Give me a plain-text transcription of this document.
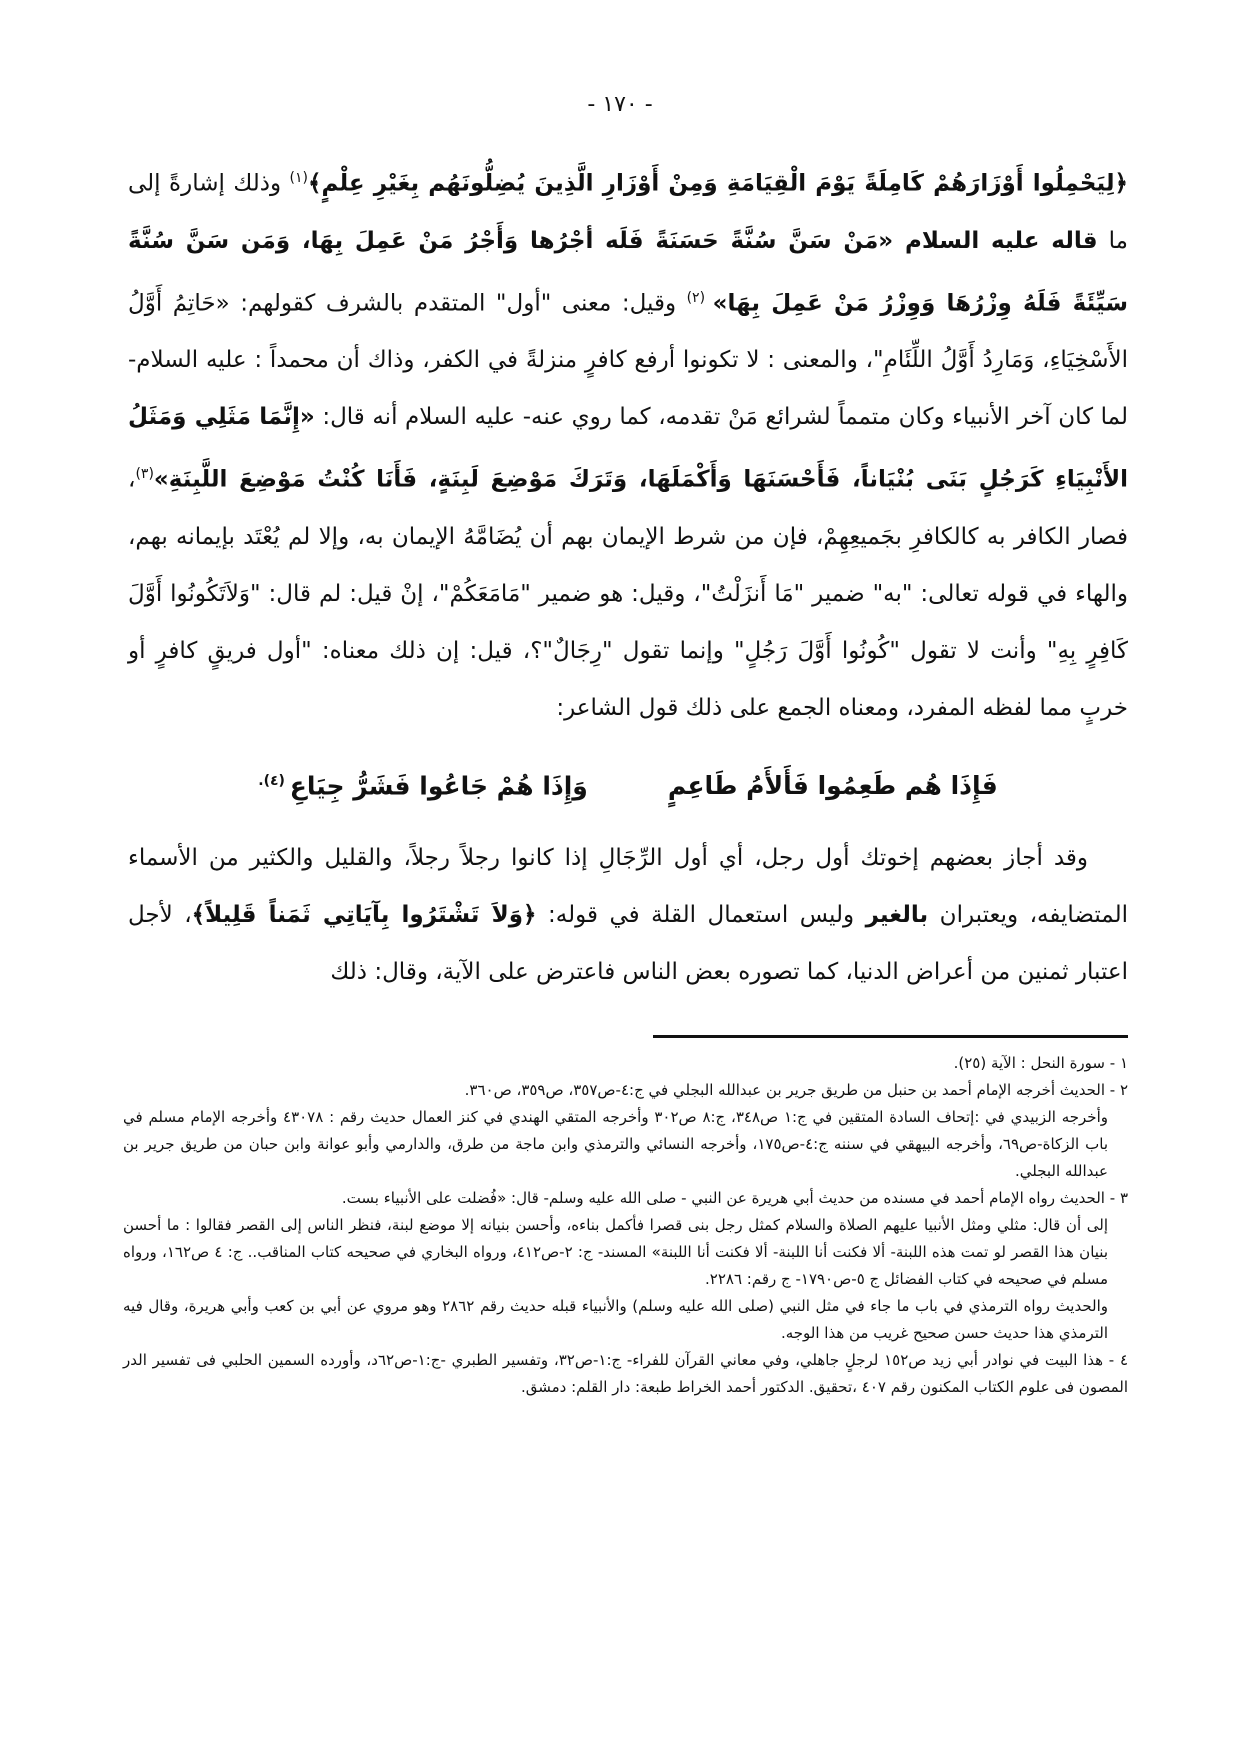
- ١٧٠ -

﴿لِيَحْمِلُوا أَوْزَارَهُمْ كَامِلَةً يَوْمَ الْقِيَامَةِ وَمِنْ أَوْزَارِ الَّذِينَ يُضِلُّونَهُم بِغَيْرِ عِلْمٍ﴾$^{(١)}$ وذلك إشارةً إلى ما قاله عليه السلام «مَنْ سَنَّ سُنَّةً حَسَنَةً فَلَه أجْرُها وَأَجْرُ مَنْ عَمِلَ بِهَا، وَمَن سَنَّ سُنَّةً سَيِّئَةً فَلَهُ وِزْرُهَا وَوِزْرُ مَنْ عَمِلَ بِهَا» $^{(٢)}$ وقيل: معنى "أول" المتقدم بالشرف كقولهم: «حَاتِمُ أَوَّلُ الأَسْخِيَاءِ، وَمَارِدُ أَوَّلُ اللِّئَامِ"، والمعنى : لا تكونوا أرفع كافرٍ منزلةً في الكفر، وذاك أن محمداً : عليه السلام- لما كان آخر الأنبياء وكان متمماً لشرائع مَنْ تقدمه، كما روي عنه- عليه السلام أنه قال: «إِنَّمَا مَثَلِي وَمَثَلُ الأَنْبِيَاءِ كَرَجُلٍ بَنَى بُنْيَاناً، فَأَحْسَنَهَا وَأَكْمَلَهَا، وَتَرَكَ مَوْضِعَ لَبِنَةٍ، فَأَنَا كُنْتُ مَوْضِعَ اللَّبِنَةِ»$^{(٣)}$، فصار الكافر به كالكافرِ بجَميعِهِمْ، فإن من شرط الإيمان بهم أن يُضَامَّهُ الإيمان به، وإلا لم يُعْتَد بإيمانه بهم، والهاء في قوله تعالى: "به" ضمير "مَا أَنزَلْتُ"، وقيل: هو ضمير "مَامَعَكُمْ"، إنْ قيل: لم قال: "وَلاَتَكُونُوا أَوَّلَ كَافِرٍ بِهِ" وأنت لا تقول "كُونُوا أَوَّلَ رَجُلٍ" وإنما تقول "رِجَالٌ"؟، قيل: إن ذلك معناه: "أول فريقٍ كافرٍ أو خربٍ مما لفظه المفرد، ومعناه الجمع على ذلك قول الشاعر:

فَإِذَا هُم طَعِمُوا فَأَلأَمُ طَاعِمٍوَإِذَا هُمْ جَاعُوا فَشَرُّ جِيَاعِ $^{(٤).}$

وقد أجاز بعضهم إخوتك أول رجل، أي أول الرِّجَالِ إذا كانوا رجلاً رجلاً، والقليل والكثير من الأسماء المتضايفه، ويعتبران بالغير وليس استعمال القلة في قوله: ﴿وَلاَ تَشْتَرُوا بِآيَاتِي ثَمَناً قَلِيلاً﴾، لأجل اعتبار ثمنين من أعراض الدنيا، كما تصوره بعض الناس فاعترض على الآية، وقال: ذلك

١ - سورة النحل : الآية (٢٥).

٢ - الحديث أخرجه الإمام أحمد بن حنبل من طريق جرير بن عبدالله البجلي في ج:٤-ص٣٥٧، ص٣٥٩، ص٣٦٠.

وأخرجه الزبيدي في :إتحاف السادة المتقين في ج:١ ص٣٤٨، ج:٨ ص٣٠٢ وأخرجه المتقي الهندي في كنز العمال حديث رقم : ٤٣٠٧٨ وأخرجه الإمام مسلم في باب الزكاة-ص٦٩، وأخرجه البيهقي في سننه ج:٤-ص١٧٥، وأخرجه النسائي والترمذي وابن ماجة من طرق، والدارمي وأبو عوانة وابن حبان من طريق جرير بن عبدالله البجلي.

٣ - الحديث رواه الإمام أحمد في مسنده من حديث أبي هريرة عن النبي - صلى الله عليه وسلم- قال: «فُضلت على الأنبياء بست.

إلى أن قال: مثلي ومثل الأنبيا عليهم الصلاة والسلام كمثل رجل بنى قصرا فأكمل بناءه، وأحسن بنيانه إلا موضع لبنة، فنظر الناس إلى القصر فقالوا : ما أحسن بنيان هذا القصر لو تمت هذه اللبنة- ألا فكنت أنا اللبنة- ألا فكنت أنا اللبنة» المسند- ج: ٢-ص٤١٢، ورواه البخاري في صحيحه كتاب المناقب.. ج: ٤ ص١٦٢، ورواه مسلم في صحيحه في كتاب الفضائل ج ٥-ص١٧٩٠- ج رقم: ٢٢٨٦.

والحديث رواه الترمذي في باب ما جاء في مثل النبي (صلى الله عليه وسلم) والأنبياء قبله حديث رقم ٢٨٦٢ وهو مروي عن أبي بن كعب وأبي هريرة، وقال فيه الترمذي هذا حديث حسن صحيح غريب من هذا الوجه.

٤ - هذا البيت في نوادر أبي زيد ص١٥٢ لرجلٍ جاهلي، وفي معاني القرآن للفراء- ج:١-ص٣٢، وتفسير الطبري -ج:١-ص٦٢د، وأورده السمين الحلبي فى تفسير الدر المصون فى علوم الكتاب المكنون رقم ٤٠٧ ،تحقيق. الدكتور أحمد الخراط طبعة: دار القلم: دمشق.
